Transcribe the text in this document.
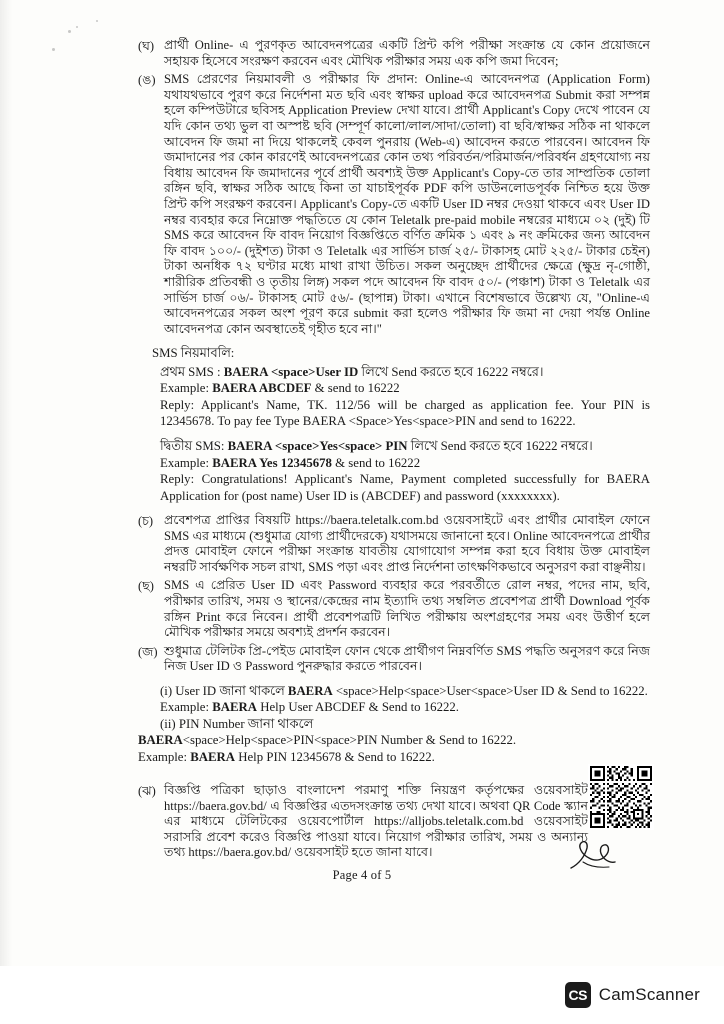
(ঘ) প্রার্থী Online- এ পুরণকৃত আবেদনপত্রের একটি প্রিন্ট কপি পরীক্ষা সংক্রান্ত যে কোন প্রয়োজনে সহায়ক হিসেবে সংরক্ষণ করবেন এবং মৌখিক পরীক্ষার সময় এক কপি জমা দিবেন;
(ঙ) SMS প্রেরণের নিয়মাবলী ও পরীক্ষার ফি প্রদান: Online-এ আবেদনপত্র (Application Form) যথাযথভাবে পুরণ করে নির্দেশনা মত ছবি এবং স্বাক্ষর upload করে আবেদনপত্র Submit করা সম্পন্ন হলে কম্পিউটারে ছবিসহ Application Preview দেখা যাবে। প্রার্থী Applicant's Copy দেখে পাবেন যে যদি কোন তথ্য ভুল বা অস্পষ্ট ছবি (সম্পূর্ণ কালো/লাল/সাদা/তোলা) বা ছবি/স্বাক্ষর সঠিক না থাকলে আবেদন ফি জমা না দিয়ে থাকলেই কেবল পুনরায় (Web-এ) আবেদন করতে পারবেন। আবেদন ফি জমাদানের পর কোন কারণেই আবেদনপত্রের কোন তথ্য পরিবর্তন/পরিমার্জন/পরিবর্ধন গ্রহণযোগ্য নয় বিধায় আবেদন ফি জমাদানের পূর্বে প্রার্থী অবশ্যই উক্ত Applicant's Copy-তে তার সাম্প্রতিক তোলা রঙ্গিন ছবি, স্বাক্ষর সঠিক আছে কিনা তা যাচাইপূর্বক PDF কপি ডাউনলোডপূর্বক নিশ্চিত হয়ে উক্ত প্রিন্ট কপি সংরক্ষণ করবেন। Applicant's Copy-তে একটি User ID নম্বর দেওয়া থাকবে এবং User ID নম্বর ব্যবহার করে নিম্নোক্ত পদ্ধতিতে যে কোন Teletalk pre-paid mobile নম্বরের মাধ্যমে ০২ (দুই) টি SMS করে আবেদন ফি বাবদ নিয়োগ বিজ্ঞপ্তিতে বর্ণিত ক্রমিক ১ এবং ৯ নং ক্রমিকের জন্য আবেদন ফি বাবদ ১০০/- (দুইশত) টাকা ও Teletalk এর সার্ভিস চার্জ ২৫/- টাকাসহ মোট ২২৫/- টাকার চেইন) টাকা অনধিক ৭২ ঘণ্টার মধ্যে মাথা রাখা উচিত। সকল অনুচ্ছেদ প্রার্থীদের ক্ষেত্রে (ক্ষুদ্র নৃ-গোষ্ঠী, শারীরিক প্রতিবন্ধী ও তৃতীয় লিঙ্গ) সকল পদে আবেদন ফি বাবদ ৫০/- (পঞ্চাশ) টাকা ও Teletalk এর সার্ভিস চার্জ ০৬/- টাকাসহ মোট ৫৬/- (ছাপান্ন) টাকা। এখানে বিশেষভাবে উল্লেখ্য যে, "Online-এ আবেদনপত্রের সকল অংশ পূরণ করে submit করা হলেও পরীক্ষার ফি জমা না দেয়া পর্যন্ত Online আবেদনপত্র কোন অবস্থাতেই গৃহীত হবে না।"
SMS নিয়মাবলি:
প্রথম SMS : BAERA <space>User ID লিখে Send করতে হবে 16222 নম্বরে।
Example: BAERA ABCDEF & send to 16222
Reply: Applicant's Name, TK. 112/56 will be charged as application fee. Your PIN is 12345678. To pay fee Type BAERA <Space>Yes<space>PIN and send to 16222.
দ্বিতীয় SMS: BAERA <space>Yes<space> PIN লিখে Send করতে হবে 16222 নম্বরে।
Example: BAERA Yes 12345678 & send to 16222
Reply: Congratulations! Applicant's Name, Payment completed successfully for BAERA Application for (post name) User ID is (ABCDEF) and password (xxxxxxxx).
(চ) প্রবেশপত্র প্রাপ্তির বিষয়টি https://baera.teletalk.com.bd ওয়েবসাইটে এবং প্রার্থীর মোবাইল ফোনে SMS এর মাধ্যমে (শুধুমাত্র যোগ্য প্রার্থীদেরকে) যথাসময়ে জানানো হবে। Online আবেদনপত্রে প্রার্থীর প্রদত্ত মোবাইল ফোনে পরীক্ষা সংক্রান্ত যাবতীয় যোগাযোগ সম্পন্ন করা হবে বিধায় উক্ত মোবাইল নম্বরটি সার্বক্ষণিক সচল রাখা, SMS পড়া এবং প্রাপ্ত নির্দেশনা তাৎক্ষণিকভাবে অনুসরণ করা বাঞ্ছনীয়।
(ছ) SMS এ প্রেরিত User ID এবং Password ব্যবহার করে পরবর্তীতে রোল নম্বর, পদের নাম, ছবি, পরীক্ষার তারিখ, সময় ও স্থানের/কেন্দ্রের নাম ইত্যাদি তথ্য সম্বলিত প্রবেশপত্র প্রার্থী Download পূর্বক রঙ্গিন Print করে নিবেন। প্রার্থী প্রবেশপত্রটি লিখিত পরীক্ষায় অংশগ্রহণের সময় এবং উত্তীর্ণ হলে মৌখিক পরীক্ষার সময়ে অবশ্যই প্রদর্শন করবেন।
(জ) শুধুমাত্র টেলিটক প্রি-পেইড মোবাইল ফোন থেকে প্রার্থীগণ নিম্নবর্ণিত SMS পদ্ধতি অনুসরণ করে নিজ নিজ User ID ও Password পুনরুদ্ধার করতে পারবেন।
(i) User ID জানা থাকলে BAERA <space>Help<space>User<space>User ID & Send to 16222.
Example: BAERA Help User ABCDEF & Send to 16222.
(ii) PIN Number জানা থাকলে
BAERA<space>Help<space>PIN<space>PIN Number & Send to 16222.
Example: BAERA Help PIN 12345678 & Send to 16222.
(ঝ) বিজ্ঞপ্তি পত্রিকা ছাড়াও বাংলাদেশ পরমাণু শক্তি নিয়ন্ত্রণ কর্তৃপক্ষের ওয়েবসাইট https://baera.gov.bd/ এ বিজ্ঞপ্তির এতদসংক্রান্ত তথ্য দেখা যাবে। অথবা QR Code স্ক্যান এর মাধ্যমে টেলিটকের ওয়েবপোর্টাল https://alljobs.teletalk.com.bd ওয়েবসাইট সরাসরি প্রবেশ করেও বিজ্ঞপ্তি পাওয়া যাবে। নিয়োগ পরীক্ষার তারিখ, সময় ও অন্যান্য তথ্য https://baera.gov.bd/ ওয়েবসাইট হতে জানা যাবে।
Page 4 of 5
CS CamScanner
